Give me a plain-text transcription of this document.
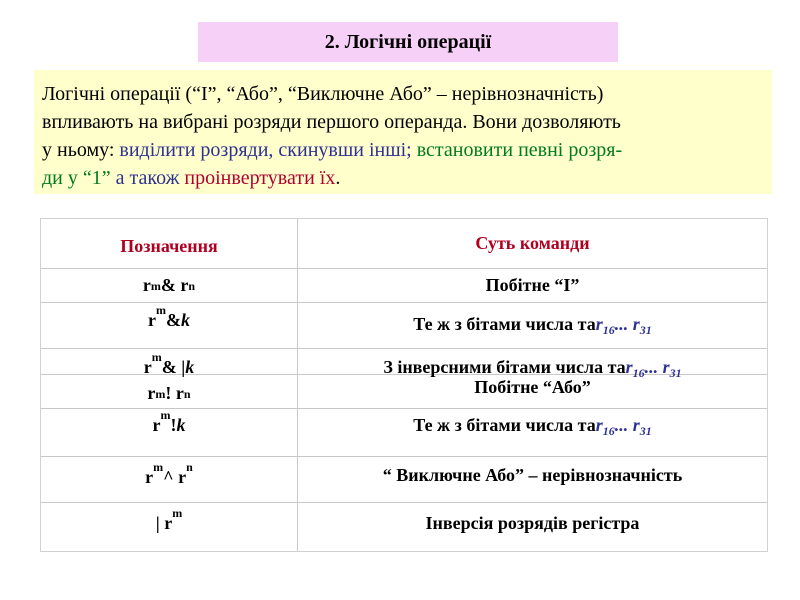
2. Логічні операції
Логічні операції (“І”, “Або”, “Виключне Або” – нерівнозначність)
впливають на вибрані розряди першого операнда. Вони дозволяють
у ньому: виділити розряди, скинувши інші; встановити певні розря-
ди у “1” а також проінвертувати їх.
Позначення	Суть команди
r m & r n	Побітне “І”
r m & k	Те ж з бітами числа та $r_{16}$... $r_{31}$
r m & | k	З інверсними бітами числа та $r_{16}$... $r_{31}$
r m ! r n	Побітне “Або”
r m ! k	Те ж з бітами числа та $r_{16}$... $r_{31}$
r m ^ r n	“ Виключне Або” – нерівнозначність
| r m	Інверсія розрядів регістра
